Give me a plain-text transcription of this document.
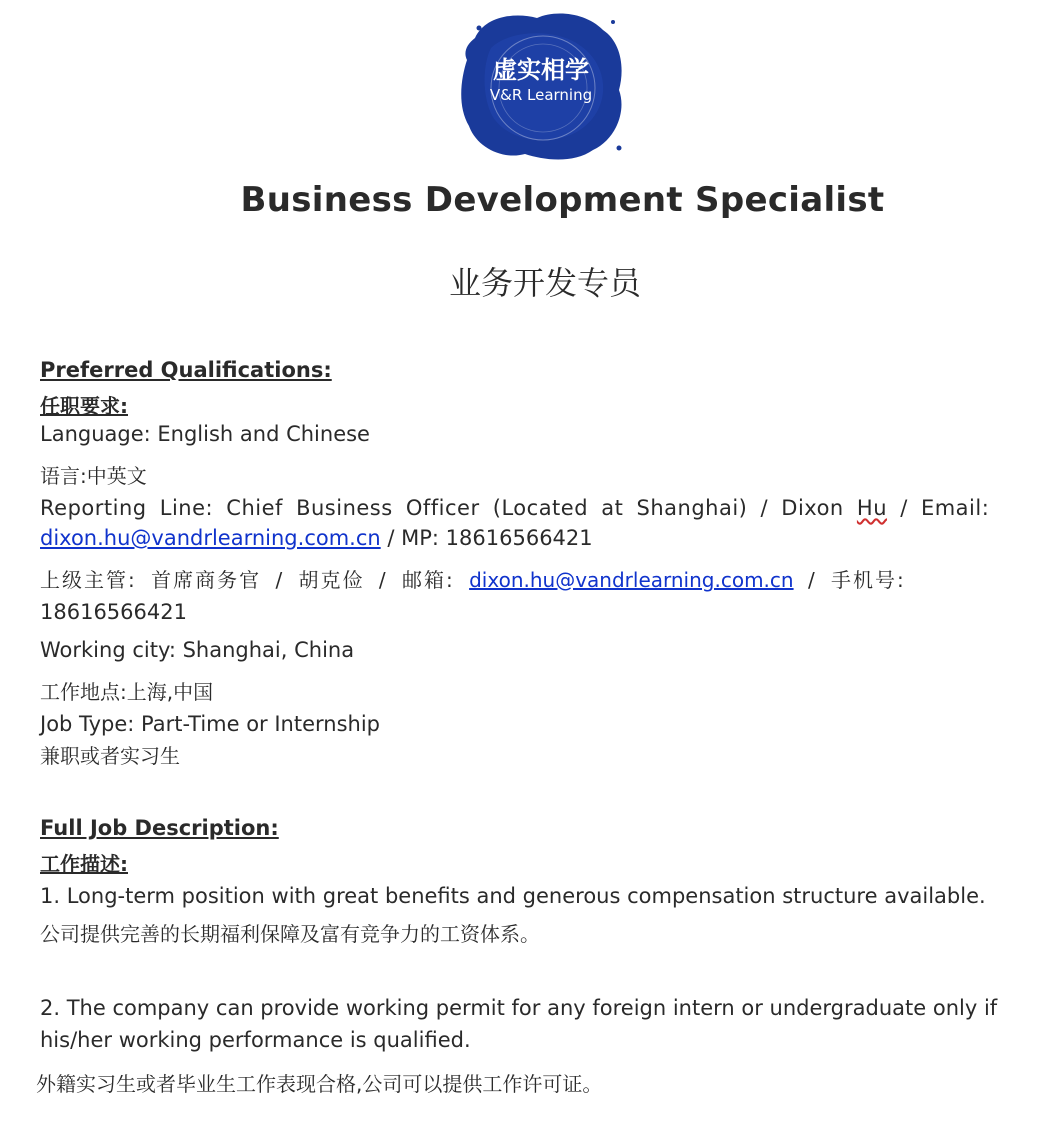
虚实相学
V&R Learning
Business Development Specialist
业务开发专员
Preferred Qualifications:
任职要求:
Language: English and Chinese
语言:中英文
Reporting Line: Chief Business Officer (Located at Shanghai) / Dixon Hu / Email:
dixon.hu@vandrlearning.com.cn / MP: 18616566421
上级主管: 首席商务官 / 胡克俭 / 邮箱: dixon.hu@vandrlearning.com.cn / 手机号:
18616566421
Working city: Shanghai, China
工作地点:上海,中国
Job Type: Part-Time or Internship
兼职或者实习生
Full Job Description:
工作描述:
1. Long-term position with great benefits and generous compensation structure available.
公司提供完善的长期福利保障及富有竞争力的工资体系。
2. The company can provide working permit for any foreign intern or undergraduate only if
his/her working performance is qualified.
外籍实习生或者毕业生工作表现合格,公司可以提供工作许可证。
